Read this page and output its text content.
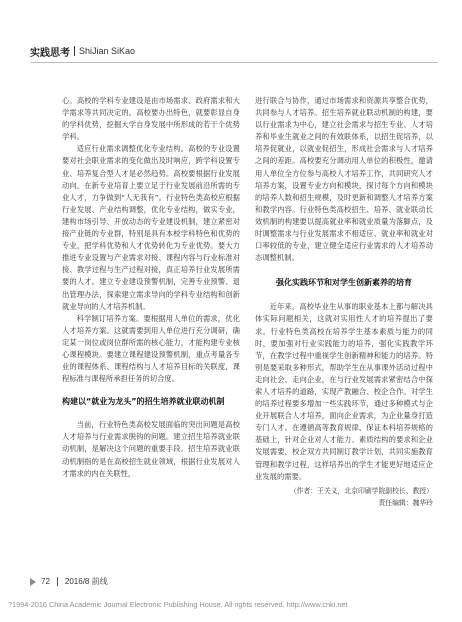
实践思考 ShiJian SiKao

心。高校的学科专业建设是由市场需求、政府需求和大学需求等共同决定的。高校要办出特色，就要彰显自身的学科优势，挖掘大学自身发展中所形成的若干个优势学科。

适应行业需求调整优化专业结构。高校的专业设置要对社会职业需求的变化做出及时响应，跨学科设置专业、培养复合型人才是必然趋势。高校要根据行业发展动向，在新专业培育上要立足于行业发展前沿所需的专业人才，力争做到“人无我有”。行业特色类高校应根据行业发展、产业结构调整，优化专业结构，做实专业，建构市场引导、开放动态的专业建设机制，建立紧密对接产业链的专业群，特别是具有本校学科特色和优势的专业，把学科优势和人才优势转化为专业优势。要大力推进专业设置与产业需求对接、课程内容与行业标准对接、教学过程与生产过程对接，真正培养行业发展所需要的人才。建立专业建设预警机制，完善专业预警、退出管理办法，探索建立需求导向的学科专业结构和创新就业导向的人才培养机制。

科学制订培养方案。要根据用人单位的需求，优化人才培养方案。这就需要到用人单位进行充分调研，确定某一岗位或岗位群所需的核心能力，才能构建专业核心课程模块。要建立课程建设预警机制，重点考量各专业的课程体系、课程结构与人才培养目标的关联度，课程标准与课程所承担任务的切合度。

构建以“就业为龙头”的招生培养就业联动机制

当前，行业特色类高校发展面临的突出问题是高校人才培养与行业需求脱钩的问题。建立招生培养就业联动机制，是解决这个问题的重要手段。招生培养就业联动机制指的是在高校招生就业领域，根据行业发展对人才需求的内在关联性，

进行联合与协作，通过市场需求和资源共享整合优势，共同参与人才培养。招生培养就业联动机制的构建，要以行业需求为中心，建立社会需求与招生专业、人才培养和毕业生就业之间的有效联体系，以招生促培养，以培养促就业，以就业促招生，形成社会需求与人才培养之间的差距。高校要充分调动用人单位的积极性，邀请用人单位全方位参与高校人才培养工作，共同研究人才培养方案，设置专业方向和模块，探讨每个方向和模块的培养人数和招生规模，及时更新和调整人才培养方案和教学内容。行业特色类高校招生、培养、就业联动长效机制的构建要以提高就业率和就业质量为落脚点，及时调整需求与行业发展需求不相适应、就业率和就业对口率较低的专业，建立健全适应行业需求的人才培养动态调整机制。

强化实践环节和对学生创新素养的培育

近年来，高校毕业生从事的职业基本上都与解决具体实际问题相关，这就对实用性人才的培养提出了要求。行业特色类高校在培养学生基本素质与能力的同时，要加强对行业实践能力的培养，强化实践教学环节，在教学过程中重视学生创新精神和能力的培养。特别是要采取多种形式，帮助学生在从事课外活动过程中走向社会、走向企业，在与行业发展需求紧密结合中探索人才培养的道路，实现产教融合、校企合作。对学生的培养过程要多增加一些实践环节，通过多种模式与企业开展联合人才培养，面向企业需求，为企业量身打造专门人才。在遵循高等教育规律、保证本科培养规格的基础上，针对企业对人才能力、素质结构的要求和企业发展需要，校企双方共同制订教学计划，共同实施教育管理和教学过程，这样培养出的学生才能更好地适应企业发展的需要。

（作者：王关义，北京印刷学院副校长、教授）

责任编辑：魏华玲

72 2016/8 前线
?1994-2016 China Academic Journal Electronic Publishing House. All rights reserved. http://www.cnki.net
